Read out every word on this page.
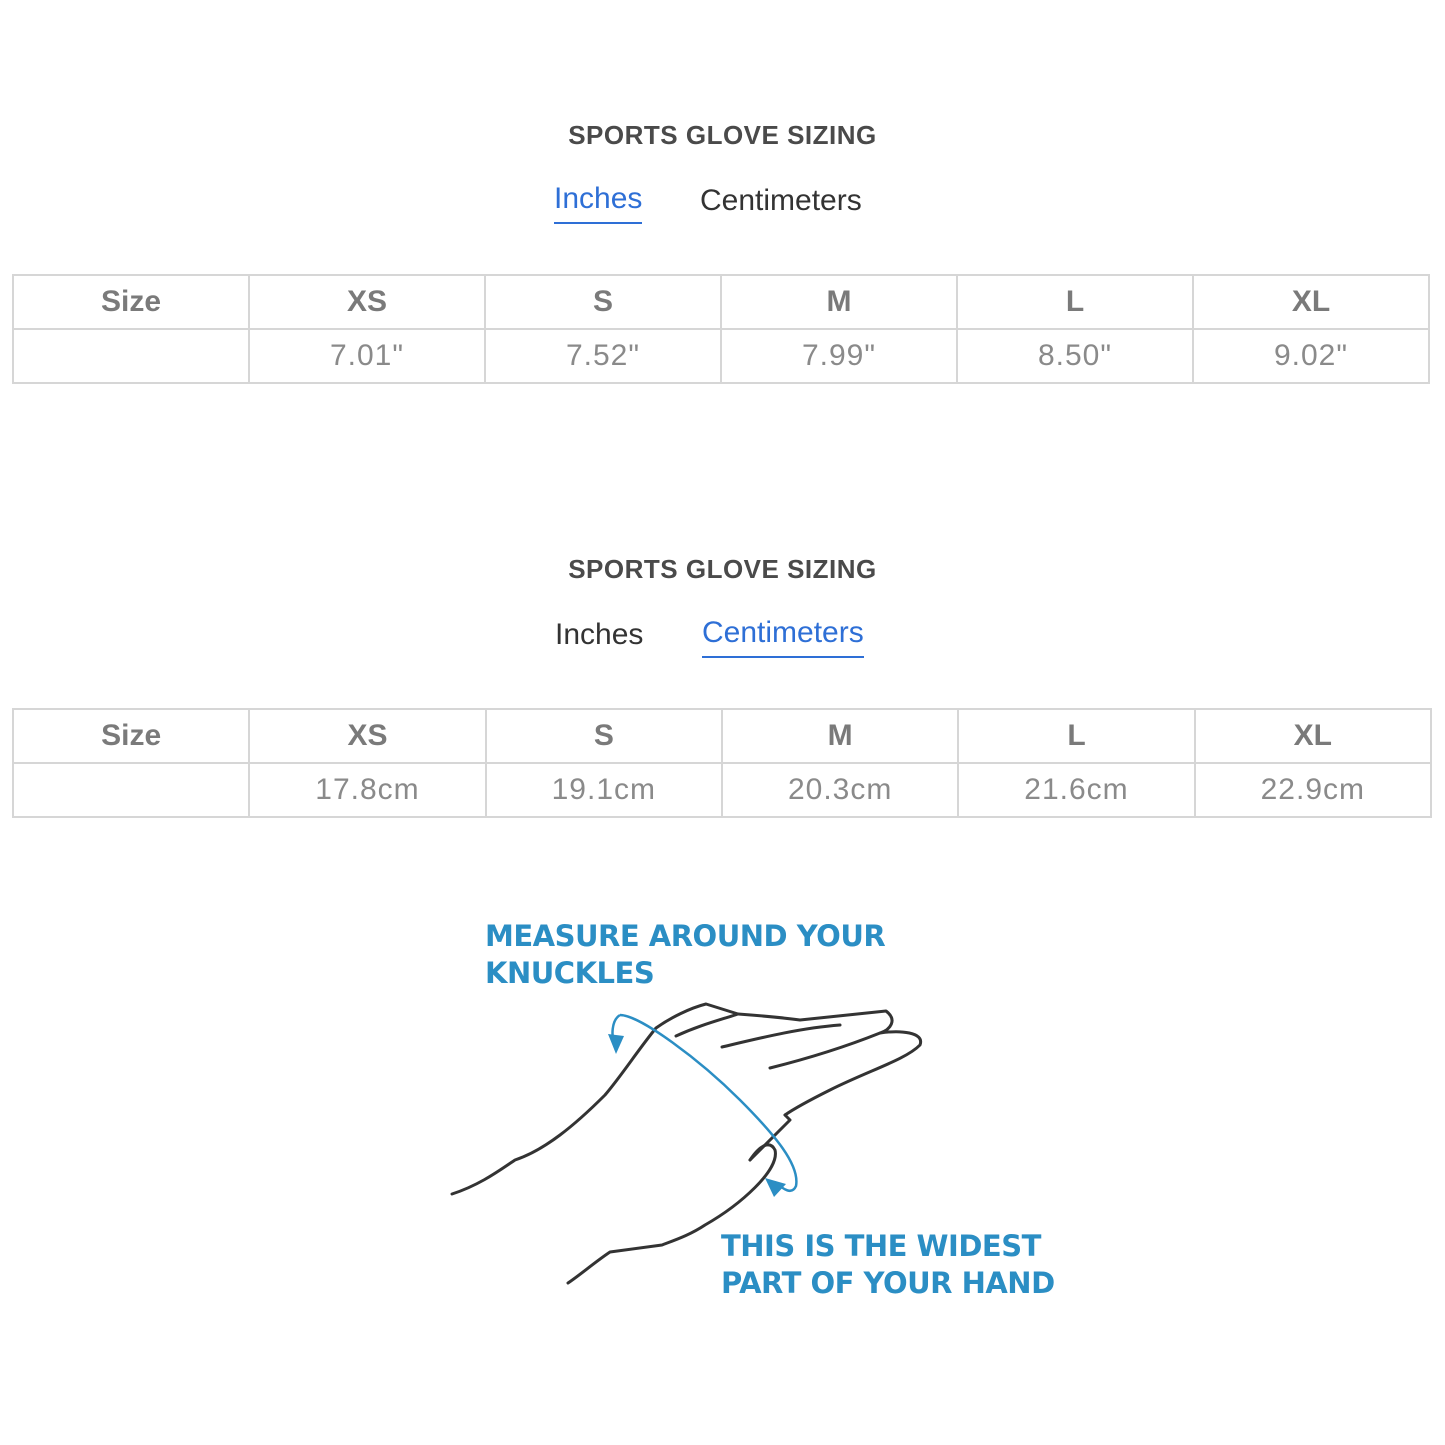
SPORTS GLOVE SIZING
Inches Centimeters
Size	XS	S	M	L	XL
	7.01"	7.52"	7.99"	8.50"	9.02"
SPORTS GLOVE SIZING
Inches Centimeters
Size	XS	S	M	L	XL
	17.8cm	19.1cm	20.3cm	21.6cm	22.9cm
MEASURE AROUND YOUR
KNUCKLES
THIS IS THE WIDEST
PART OF YOUR HAND
